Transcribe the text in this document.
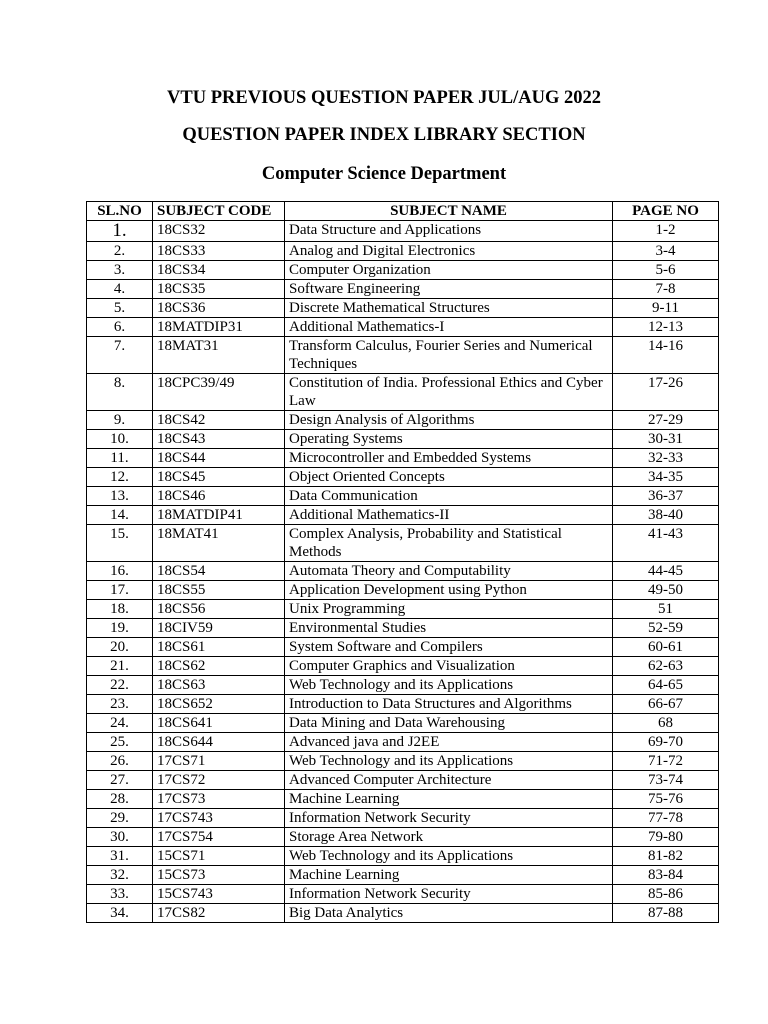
VTU PREVIOUS QUESTION PAPER JUL/AUG 2022
QUESTION PAPER INDEX LIBRARY SECTION
Computer Science Department
SL.NO	SUBJECT CODE	SUBJECT NAME	PAGE NO
1.	18CS32	Data Structure and Applications	1-2
2.	18CS33	Analog and Digital Electronics	3-4
3.	18CS34	Computer Organization	5-6
4.	18CS35	Software Engineering	7-8
5.	18CS36	Discrete Mathematical Structures	9-11
6.	18MATDIP31	Additional Mathematics-I	12-13
7.	18MAT31	Transform Calculus, Fourier Series and Numerical Techniques	14-16
8.	18CPC39/49	Constitution of India. Professional Ethics and Cyber Law	17-26
9.	18CS42	Design Analysis of Algorithms	27-29
10.	18CS43	Operating Systems	30-31
11.	18CS44	Microcontroller and Embedded Systems	32-33
12.	18CS45	Object Oriented Concepts	34-35
13.	18CS46	Data Communication	36-37
14.	18MATDIP41	Additional Mathematics-II	38-40
15.	18MAT41	Complex Analysis, Probability and Statistical Methods	41-43
16.	18CS54	Automata Theory and Computability	44-45
17.	18CS55	Application Development using Python	49-50
18.	18CS56	Unix Programming	51
19.	18CIV59	Environmental Studies	52-59
20.	18CS61	System Software and Compilers	60-61
21.	18CS62	Computer Graphics and Visualization	62-63
22.	18CS63	Web Technology and its Applications	64-65
23.	18CS652	Introduction to Data Structures and Algorithms	66-67
24.	18CS641	Data Mining and Data Warehousing	68
25.	18CS644	Advanced java and J2EE	69-70
26.	17CS71	Web Technology and its Applications	71-72
27.	17CS72	Advanced Computer Architecture	73-74
28.	17CS73	Machine Learning	75-76
29.	17CS743	Information Network Security	77-78
30.	17CS754	Storage Area Network	79-80
31.	15CS71	Web Technology and its Applications	81-82
32.	15CS73	Machine Learning	83-84
33.	15CS743	Information Network Security	85-86
34.	17CS82	Big Data Analytics	87-88
